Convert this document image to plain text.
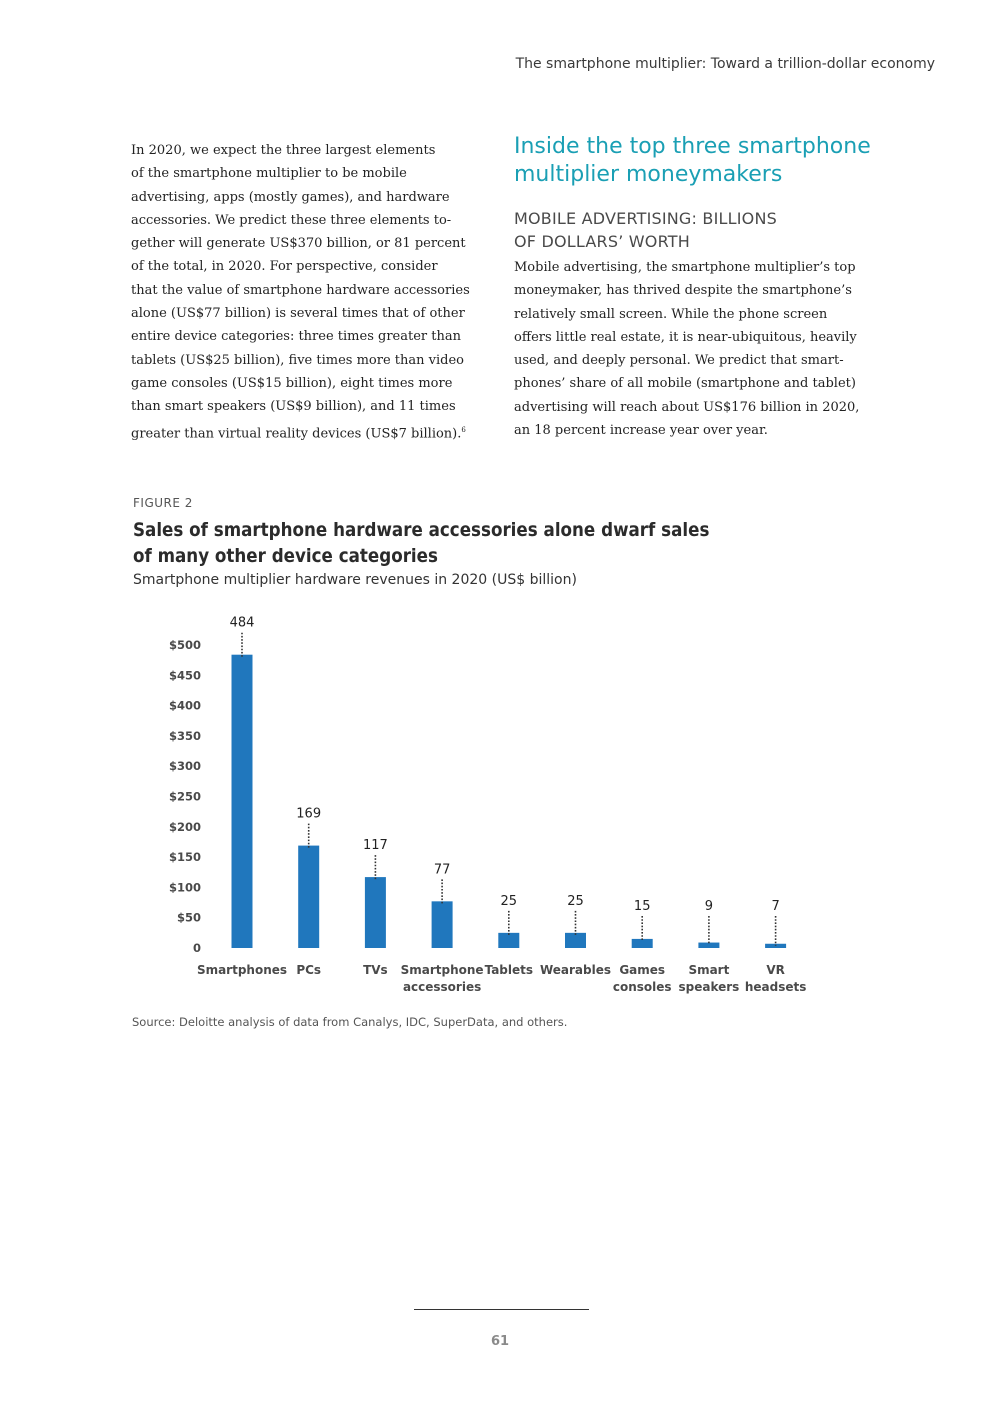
The smartphone multiplier: Toward a trillion-dollar economy

In 2020, we expect the three largest elements
of the smartphone multiplier to be mobile
advertising, apps (mostly games), and hardware
accessories. We predict these three elements to-
gether will generate US$370 billion, or 81 percent
of the total, in 2020. For perspective, consider
that the value of smartphone hardware accessories
alone (US$77 billion) is several times that of other
entire device categories: three times greater than
tablets (US$25 billion), five times more than video
game consoles (US$15 billion), eight times more
than smart speakers (US$9 billion), and 11 times
greater than virtual reality devices (US$7 billion).$^6$

Inside the top three smartphone
multiplier moneymakers
MOBILE ADVERTISING: BILLIONS
OF DOLLARS’ WORTH

Mobile advertising, the smartphone multiplier’s top
moneymaker, has thrived despite the smartphone’s
relatively small screen. While the phone screen
offers little real estate, it is near-ubiquitous, heavily
used, and deeply personal. We predict that smart-
phones’ share of all mobile (smartphone and tablet)
advertising will reach about US$176 billion in 2020,
an 18 percent increase year over year.

FIGURE 2
Sales of smartphone hardware accessories alone dwarf sales
of many other device categories
Smartphone multiplier hardware revenues in 2020 (US$ billion)
0
$50
$100
$150
$200
$250
$300
$350
$400
$450
$500
484
Smartphones
169
PCs
117
TVs
77
Smartphone
accessories
25
Tablets
25
Wearables
15
Games
consoles
9
Smart
speakers
7
VR
headsets
Source: Deloitte analysis of data from Canalys, IDC, SuperData, and others.
61
